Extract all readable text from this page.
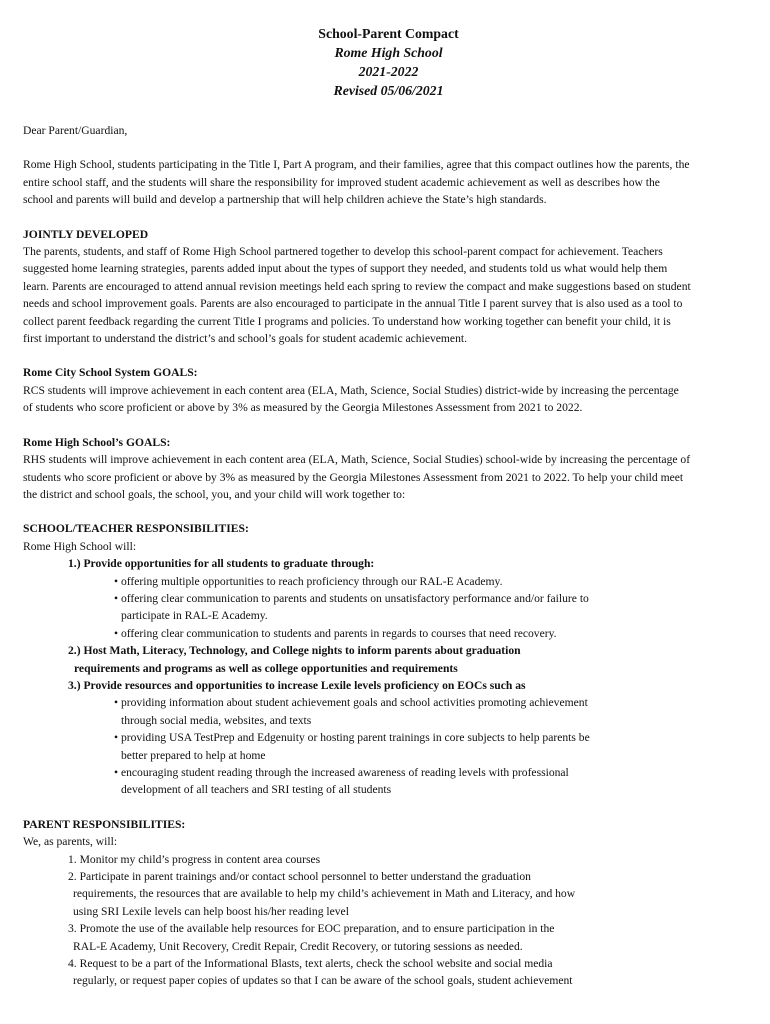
School-Parent Compact
Rome High School
2021-2022
Revised 05/06/2021

Dear Parent/Guardian,

Rome High School, students participating in the Title I, Part A program, and their families, agree that this compact outlines how the parents, the
entire school staff, and the students will share the responsibility for improved student academic achievement as well as describes how the
school and parents will build and develop a partnership that will help children achieve the State’s high standards.
JOINTLY DEVELOPED
The parents, students, and staff of Rome High School partnered together to develop this school-parent compact for achievement. Teachers
suggested home learning strategies, parents added input about the types of support they needed, and students told us what would help them
learn. Parents are encouraged to attend annual revision meetings held each spring to review the compact and make suggestions based on student
needs and school improvement goals. Parents are also encouraged to participate in the annual Title I parent survey that is also used as a tool to
collect parent feedback regarding the current Title I programs and policies. To understand how working together can benefit your child, it is
first important to understand the district’s and school’s goals for student academic achievement.
Rome City School System GOALS:
RCS students will improve achievement in each content area (ELA, Math, Science, Social Studies) district-wide by increasing the percentage
of students who score proficient or above by 3% as measured by the Georgia Milestones Assessment from 2021 to 2022.
Rome High School’s GOALS:
RHS students will improve achievement in each content area (ELA, Math, Science, Social Studies) school-wide by increasing the percentage of
students who score proficient or above by 3% as measured by the Georgia Milestones Assessment from 2021 to 2022. To help your child meet
the district and school goals, the school, you, and your child will work together to:
SCHOOL/TEACHER RESPONSIBILITIES:
Rome High School will:
1.) Provide opportunities for all students to graduate through:
• offering multiple opportunities to reach proficiency through our RAL-E Academy.
• offering clear communication to parents and students on unsatisfactory performance and/or failure to
participate in RAL-E Academy.
• offering clear communication to students and parents in regards to courses that need recovery.
2.) Host Math, Literacy, Technology, and College nights to inform parents about graduation
requirements and programs as well as college opportunities and requirements
3.) Provide resources and opportunities to increase Lexile levels proficiency on EOCs such as
• providing information about student achievement goals and school activities promoting achievement
through social media, websites, and texts
• providing USA TestPrep and Edgenuity or hosting parent trainings in core subjects to help parents be
better prepared to help at home
• encouraging student reading through the increased awareness of reading levels with professional
development of all teachers and SRI testing of all students
PARENT RESPONSIBILITIES:
We, as parents, will:
1. Monitor my child’s progress in content area courses
2. Participate in parent trainings and/or contact school personnel to better understand the graduation
requirements, the resources that are available to help my child’s achievement in Math and Literacy, and how
using SRI Lexile levels can help boost his/her reading level
3. Promote the use of the available help resources for EOC preparation, and to ensure participation in the
RAL-E Academy, Unit Recovery, Credit Repair, Credit Recovery, or tutoring sessions as needed.
4. Request to be a part of the Informational Blasts, text alerts, check the school website and social media
regularly, or request paper copies of updates so that I can be aware of the school goals, student achievement
